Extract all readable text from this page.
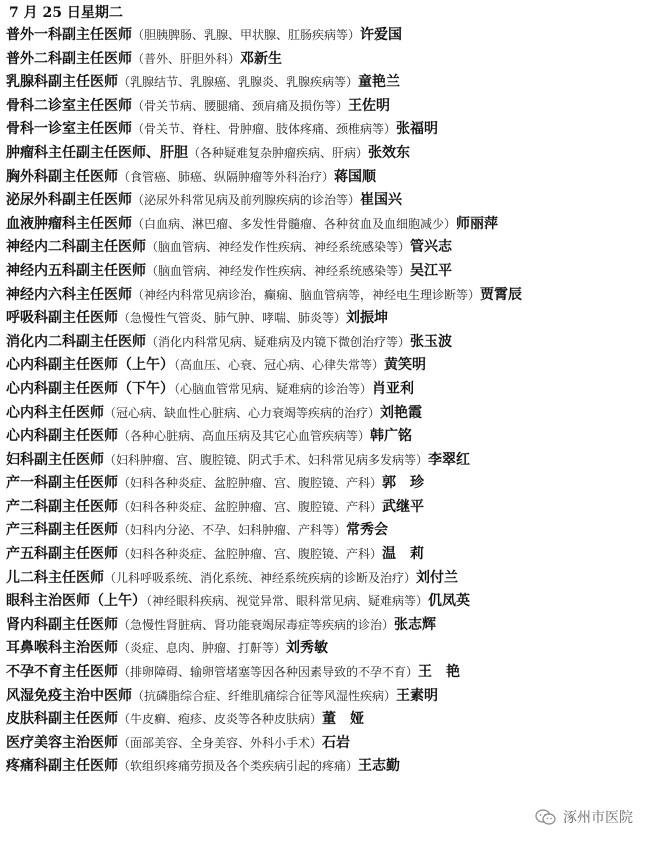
7 月 25 日星期二
普外一科副主任医师（胆胰脾肠、乳腺、甲状腺、肛肠疾病等）许爱国
普外二科副主任医师（普外、肝胆外科）邓新生
乳腺科副主任医师（乳腺结节、乳腺癌、乳腺炎、乳腺疾病等）童艳兰
骨科二诊室主任医师（骨关节病、腰腿痛、颈肩痛及损伤等）王佐明
骨科一诊室主任医师（骨关节、脊柱、骨肿瘤、肢体疼痛、颈椎病等）张福明
肿瘤科主任副主任医师、肝胆（各种疑难复杂肿瘤疾病、肝病）张效东
胸外科副主任医师（食管癌、肺癌、纵隔肿瘤等外科治疗）蒋国顺
泌尿外科副主任医师（泌尿外科常见病及前列腺疾病的诊治等）崔国兴
血液肿瘤科主任医师（白血病、淋巴瘤、多发性骨髓瘤、各种贫血及血细胞减少）师丽萍
神经内二科副主任医师（脑血管病、神经发作性疾病、神经系统感染等）管兴志
神经内五科副主任医师（脑血管病、神经发作性疾病、神经系统感染等）吴江平
神经内六科主任医师（神经内科常见病诊治，癫痫、脑血管病等，神经电生理诊断等）贾霄辰
呼吸科副主任医师（急慢性气管炎、肺气肿、哮喘、肺炎等）刘振坤
消化内二科副主任医师（消化内科常见病、疑难病及内镜下微创治疗等）张玉波
心内科副主任医师（上午）（高血压、心衰、冠心病、心律失常等）黄笑明
心内科副主任医师（下午）（心脑血管常见病、疑难病的诊治等）肖亚利
心内科主任医师（冠心病、缺血性心脏病、心力衰竭等疾病的治疗）刘艳霞
心内科副主任医师（各种心脏病、高血压病及其它心血管疾病等）韩广铭
妇科副主任医师（妇科肿瘤、宫、腹腔镜、阴式手术、妇科常见病多发病等）李翠红
产一科副主任医师（妇科各种炎症、盆腔肿瘤、宫、腹腔镜、产科）郭　珍
产二科副主任医师（妇科各种炎症、盆腔肿瘤、宫、腹腔镜、产科）武继平
产三科副主任医师（妇科内分泌、不孕、妇科肿瘤、产科等）常秀会
产五科副主任医师（妇科各种炎症、盆腔肿瘤、宫、腹腔镜、产科）温　莉
儿二科主任医师（儿科呼吸系统、消化系统、神经系统疾病的诊断及治疗）刘付兰
眼科主治医师（上午）（神经眼科疾病、视觉异常、眼科常见病、疑难病等）仉凤英
肾内科副主任医师（急慢性肾脏病、肾功能衰竭尿毒症等疾病的诊治）张志辉
耳鼻喉科主治医师（炎症、息肉、肿瘤、打鼾等）刘秀敏
不孕不育主任医师（排卵障碍、输卵管堵塞等因各种因素导致的不孕不育）王　艳
风湿免疫主治中医师（抗磷脂综合症、纤维肌痛综合征等风湿性疾病）王素明
皮肤科副主任医师（牛皮癣、疱疹、皮炎等各种皮肤病）董　娅
医疗美容主治医师（面部美容、全身美容、外科小手术）石岩
疼痛科副主任医师（软组织疼痛劳损及各个类疾病引起的疼痛）王志勤
涿州市医院
